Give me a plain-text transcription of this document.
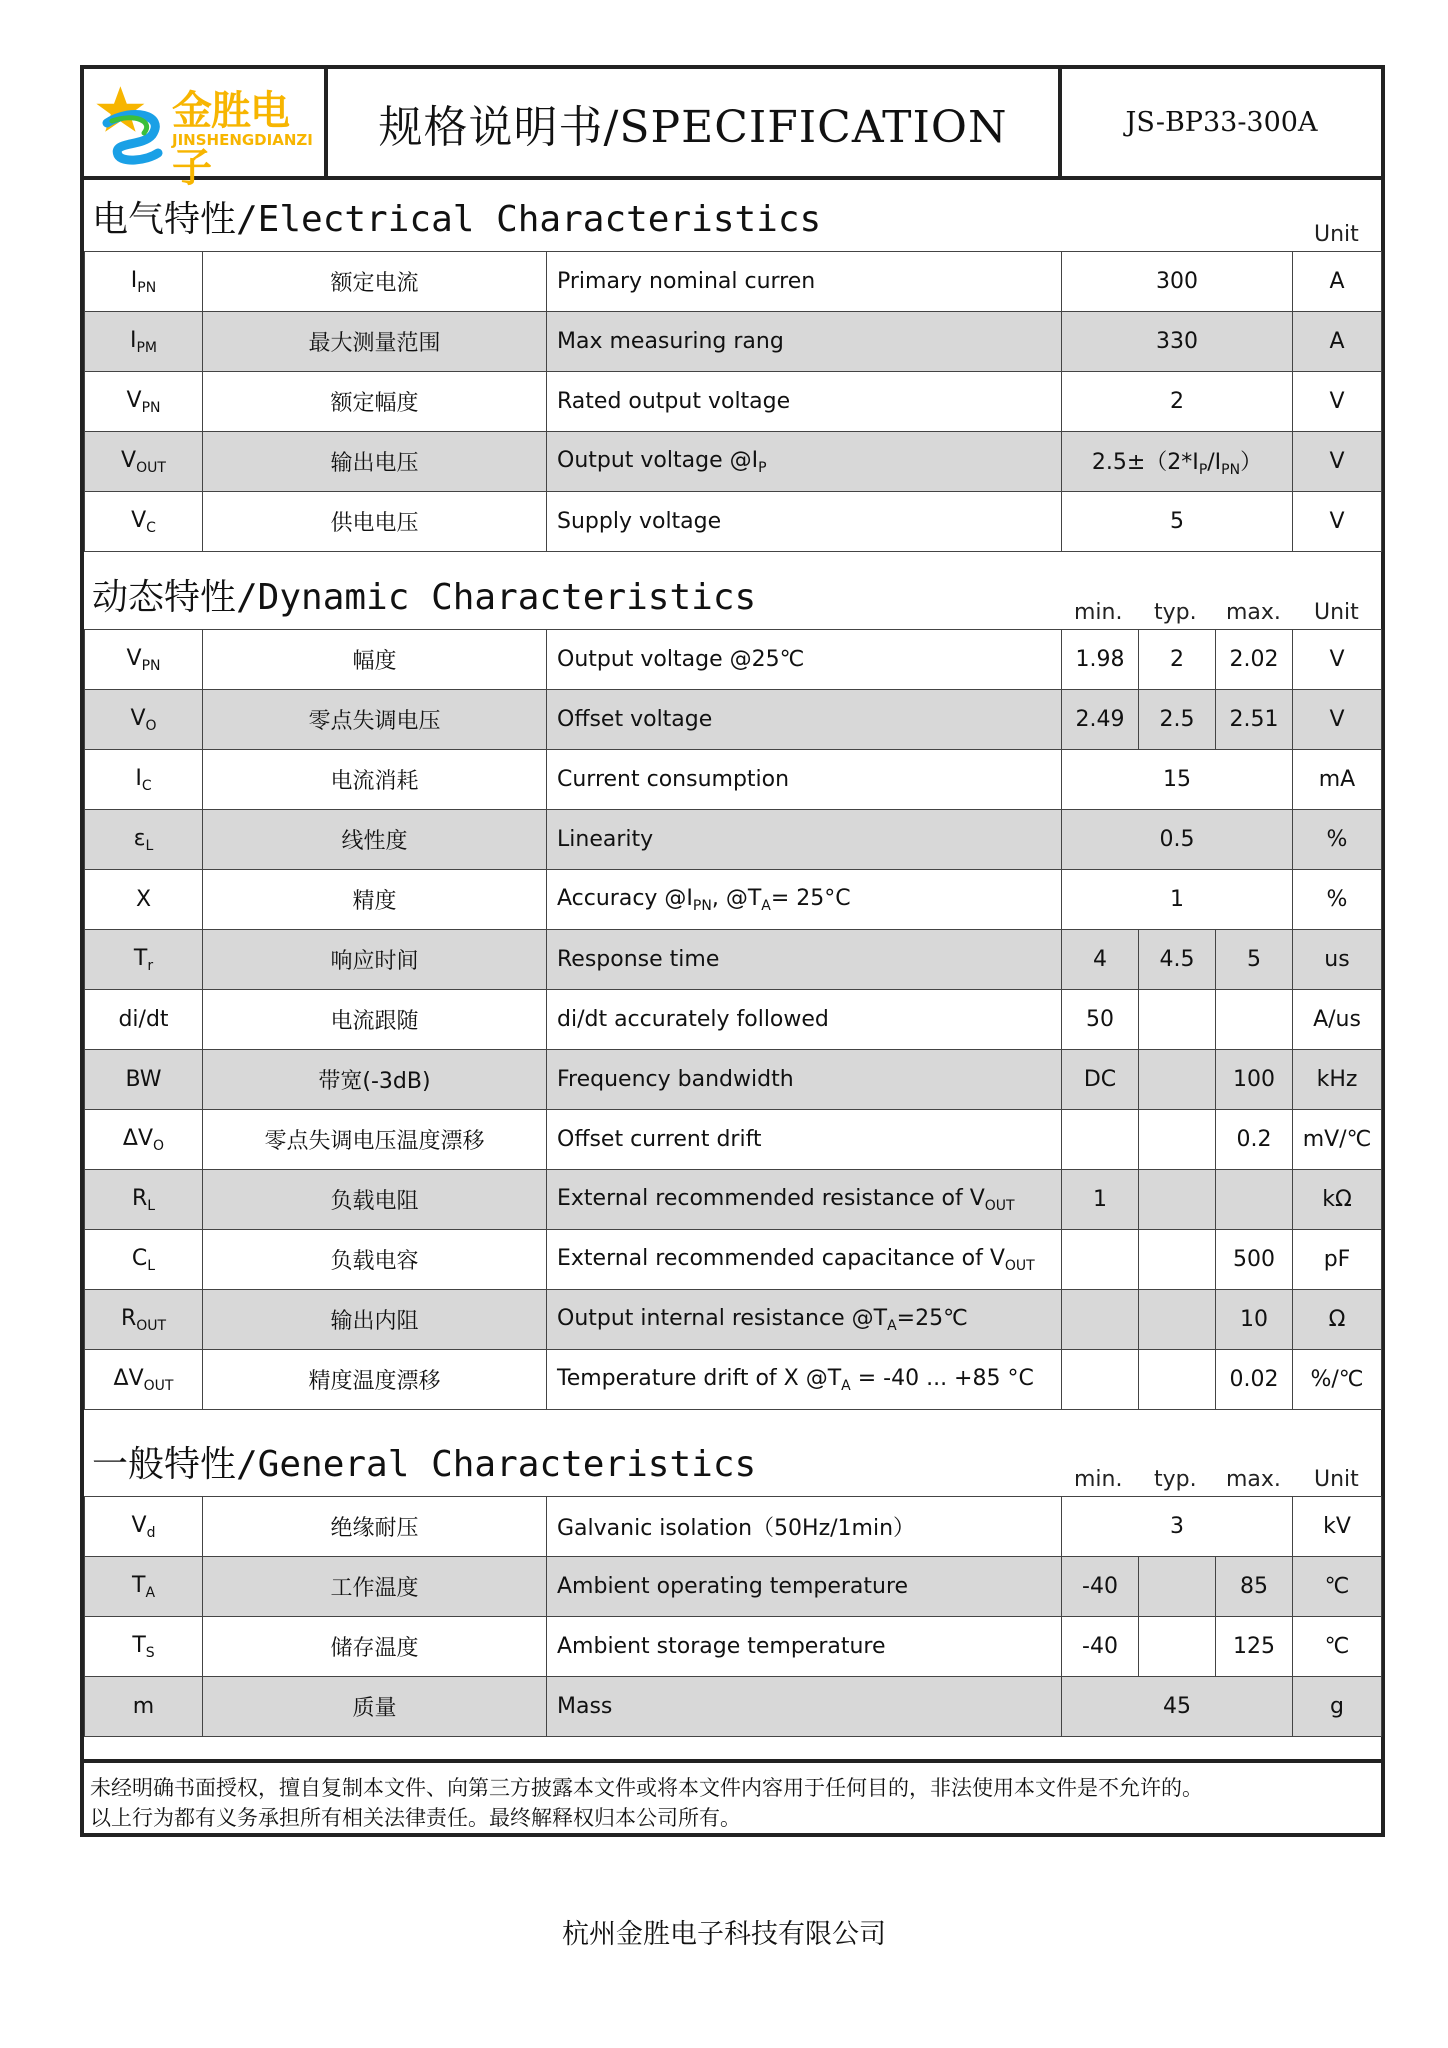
金胜电子
JINSHENGDIANZI 规格说明书/SPECIFICATION	JS-BP33-300A
电气特性/Electrical Characteristics	Unit
$I_{PN}$	额定电流	Primary nominal curren	300	A
$I_{PM}$	最大测量范围	Max measuring rang	330	A
$V_{PN}$	额定幅度	Rated output voltage	2	V
$V_{OUT}$	输出电压	Output voltage $@I_P$	$2.5\pm(2*I_P/I_{PN})$	V
$V_C$	供电电压	Supply voltage	5	V
动态特性/Dynamic Characteristics	min. typ. max. Unit
$V_{PN}$	幅度	Output voltage @25℃	1.98	2	2.02	V
$V_O$	零点失调电压	Offset voltage	2.49	2.5	2.51	V
$I_C$	电流消耗	Current consumption	15			mA
$\varepsilon_L$	线性度	Linearity	0.5			%
X	精度	Accuracy $@I_{PN}$, $@T_A= 25^\circ C$	1			%
$T_r$	响应时间	Response time	4	4.5	5	us
di/dt	电流跟随	di/dt accurately followed	50			A/us
BW	带宽(-3dB)	Frequency bandwidth	DC		100	kHz
$\Delta V_O$	零点失调电压温度漂移	Offset current drift			0.2	mV/℃
$R_L$	负载电阻	External recommended resistance of $V_{OUT}$	1			kΩ
$C_L$	负载电容	External recommended capacitance of $V_{OUT}$			500	pF
$R_{OUT}$	输出内阻	Output internal resistance $@T_A=25℃$			10	Ω
$\Delta V_{OUT}$	精度温度漂移	Temperature drift of X $@T_A = -40$ ... +85 °C			0.02	%/℃
一般特性/General Characteristics	min. typ. max. Unit
$V_d$	绝缘耐压	Galvanic isolation（50Hz/1min）	3			kV
$T_A$	工作温度	Ambient operating temperature	-40		85	℃
$T_S$	储存温度	Ambient storage temperature	-40		125	℃
m	质量	Mass	45			g
未经明确书面授权，擅自复制本文件、向第三方披露本文件或将本文件内容用于任何目的，非法使用本文件是不允许的。
以上行为都有义务承担所有相关法律责任。最终解释权归本公司所有。
杭州金胜电子科技有限公司
